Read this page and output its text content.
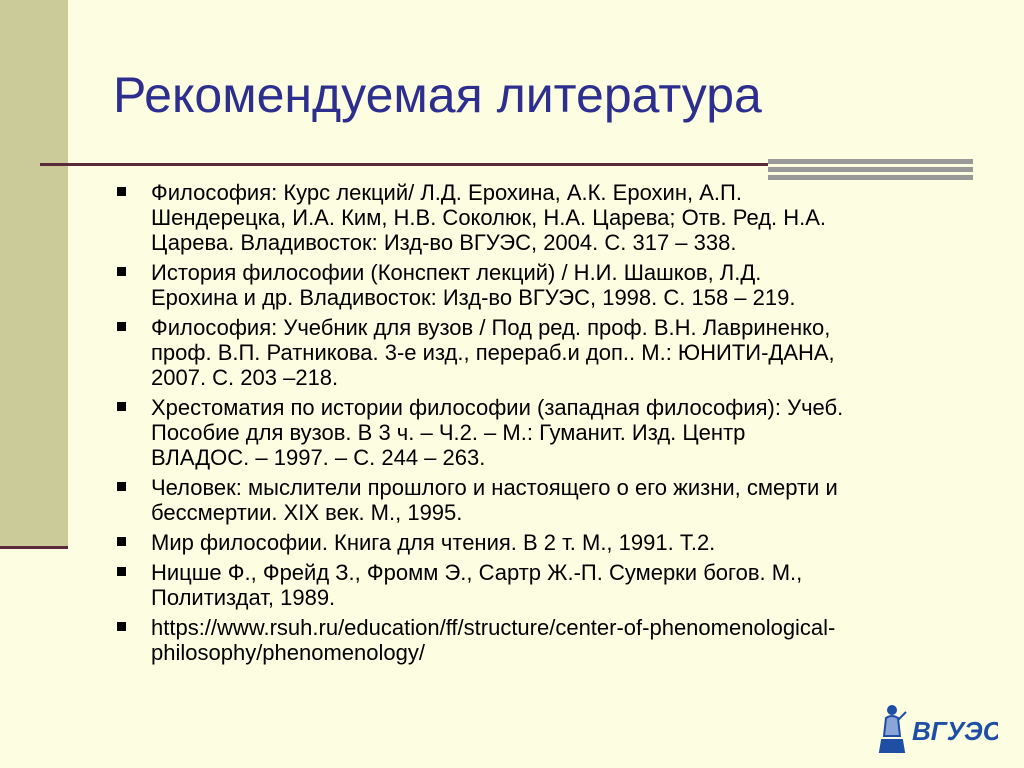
Рекомендуемая литература
Философия: Курс лекций/ Л.Д. Ерохина, А.К. Ерохин, А.П.
Шендерецка, И.А. Ким, Н.В. Соколюк, Н.А. Царева; Отв. Ред. Н.А.
Царева. Владивосток: Изд-во ВГУЭС, 2004. С. 317 – 338.
История философии (Конспект лекций) / Н.И. Шашков, Л.Д.
Ерохина и др. Владивосток: Изд-во ВГУЭС, 1998. С. 158 – 219.
Философия: Учебник для вузов / Под ред. проф. В.Н. Лавриненко,
проф. В.П. Ратникова. 3-е изд., перераб.и доп.. М.: ЮНИТИ-ДАНА,
2007. С. 203 –218.
Хрестоматия по истории философии (западная философия): Учеб.
Пособие для вузов. В 3 ч. – Ч.2. – М.: Гуманит. Изд. Центр
ВЛАДОС. – 1997. – С. 244 – 263.
Человек: мыслители прошлого и настоящего о его жизни, смерти и
бессмертии. XIX век. М., 1995.
Мир философии. Книга для чтения. В 2 т. М., 1991. Т.2.
Ницше Ф., Фрейд З., Фромм Э., Сартр Ж.-П. Сумерки богов. М.,
Политиздат, 1989.
https://www.rsuh.ru/education/ff/structure/center-of-phenomenological-
philosophy/phenomenology/
ВГУЭС
